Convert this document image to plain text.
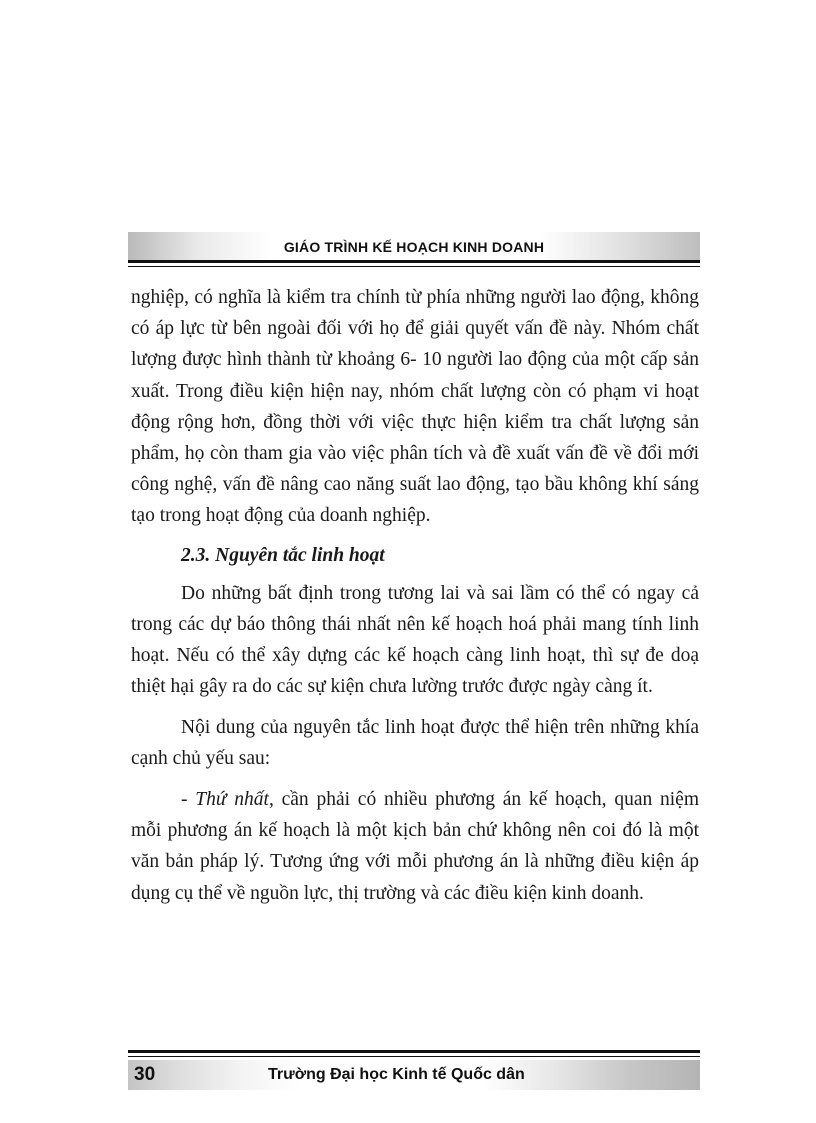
GIÁO TRÌNH KẾ HOẠCH KINH DOANH

nghiệp, có nghĩa là kiểm tra chính từ phía những người lao động, không có áp lực từ bên ngoài đối với họ để giải quyết vấn đề này. Nhóm chất lượng được hình thành từ khoảng 6- 10 người lao động của một cấp sản xuất. Trong điều kiện hiện nay, nhóm chất lượng còn có phạm vi hoạt động rộng hơn, đồng thời với việc thực hiện kiểm tra chất lượng sản phẩm, họ còn tham gia vào việc phân tích và đề xuất vấn đề về đổi mới công nghệ, vấn đề nâng cao năng suất lao động, tạo bầu không khí sáng tạo trong hoạt động của doanh nghiệp.

2.3. Nguyên tắc linh hoạt

Do những bất định trong tương lai và sai lầm có thể có ngay cả trong các dự báo thông thái nhất nên kế hoạch hoá phải mang tính linh hoạt. Nếu có thể xây dựng các kế hoạch càng linh hoạt, thì sự đe doạ thiệt hại gây ra do các sự kiện chưa lường trước được ngày càng ít.

Nội dung của nguyên tắc linh hoạt được thể hiện trên những khía cạnh chủ yếu sau:

- Thứ nhất, cần phải có nhiều phương án kế hoạch, quan niệm mỗi phương án kế hoạch là một kịch bản chứ không nên coi đó là một văn bản pháp lý. Tương ứng với mỗi phương án là những điều kiện áp dụng cụ thể về nguồn lực, thị trường và các điều kiện kinh doanh.

30	Trường Đại học Kinh tế Quốc dân
